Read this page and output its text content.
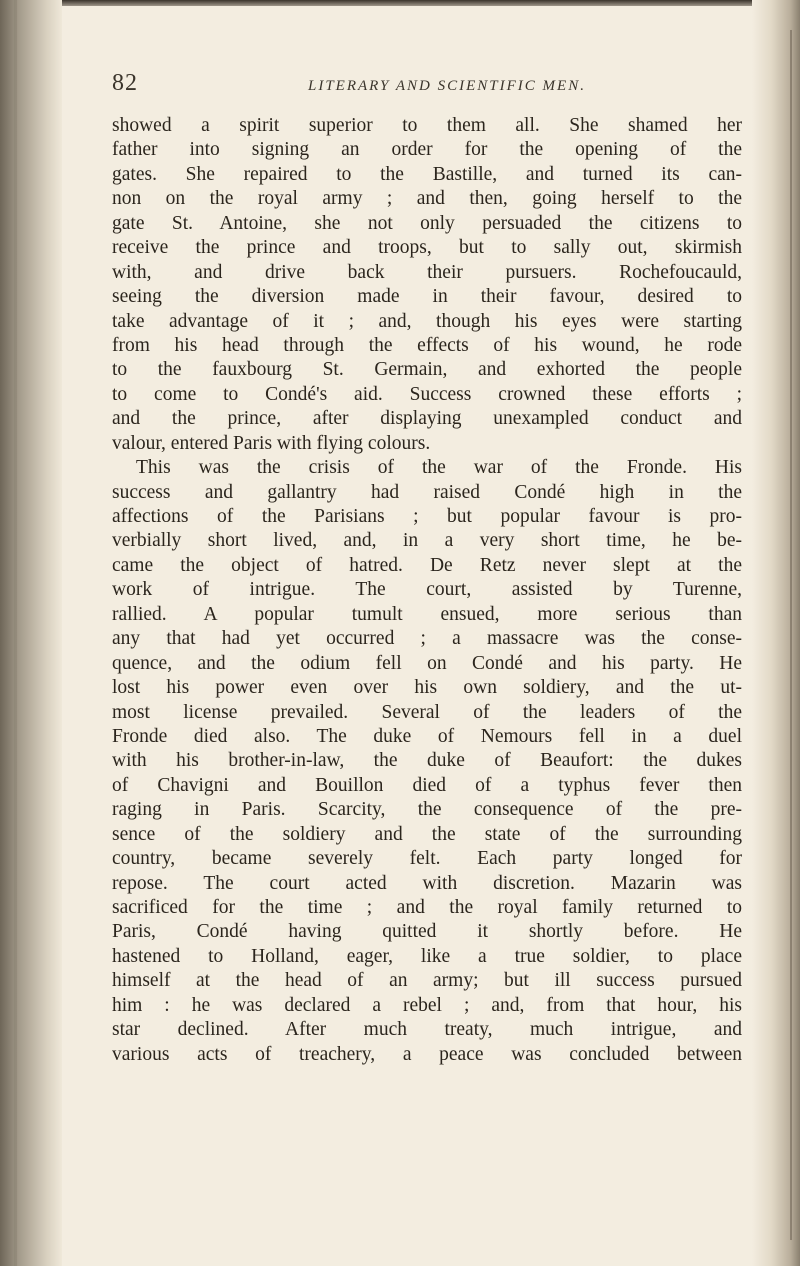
82	LITERARY AND SCIENTIFIC MEN.
showed a spirit superior to them all. She shamed her
father into signing an order for the opening of the
gates. She repaired to the Bastille, and turned its can-
non on the royal army ; and then, going herself to the
gate St. Antoine, she not only persuaded the citizens to
receive the prince and troops, but to sally out, skirmish
with, and drive back their pursuers. Rochefoucauld,
seeing the diversion made in their favour, desired to
take advantage of it ; and, though his eyes were starting
from his head through the effects of his wound, he rode
to the fauxbourg St. Germain, and exhorted the people
to come to Condé's aid. Success crowned these efforts ;
and the prince, after displaying unexampled conduct and
valour, entered Paris with flying colours.
This was the crisis of the war of the Fronde. His
success and gallantry had raised Condé high in the
affections of the Parisians ; but popular favour is pro-
verbially short lived, and, in a very short time, he be-
came the object of hatred. De Retz never slept at the
work of intrigue. The court, assisted by Turenne,
rallied. A popular tumult ensued, more serious than
any that had yet occurred ; a massacre was the conse-
quence, and the odium fell on Condé and his party. He
lost his power even over his own soldiery, and the ut-
most license prevailed. Several of the leaders of the
Fronde died also. The duke of Nemours fell in a duel
with his brother-in-law, the duke of Beaufort: the dukes
of Chavigni and Bouillon died of a typhus fever then
raging in Paris. Scarcity, the consequence of the pre-
sence of the soldiery and the state of the surrounding
country, became severely felt. Each party longed for
repose. The court acted with discretion. Mazarin was
sacrificed for the time ; and the royal family returned to
Paris, Condé having quitted it shortly before. He
hastened to Holland, eager, like a true soldier, to place
himself at the head of an army; but ill success pursued
him : he was declared a rebel ; and, from that hour, his
star declined. After much treaty, much intrigue, and
various acts of treachery, a peace was concluded between
